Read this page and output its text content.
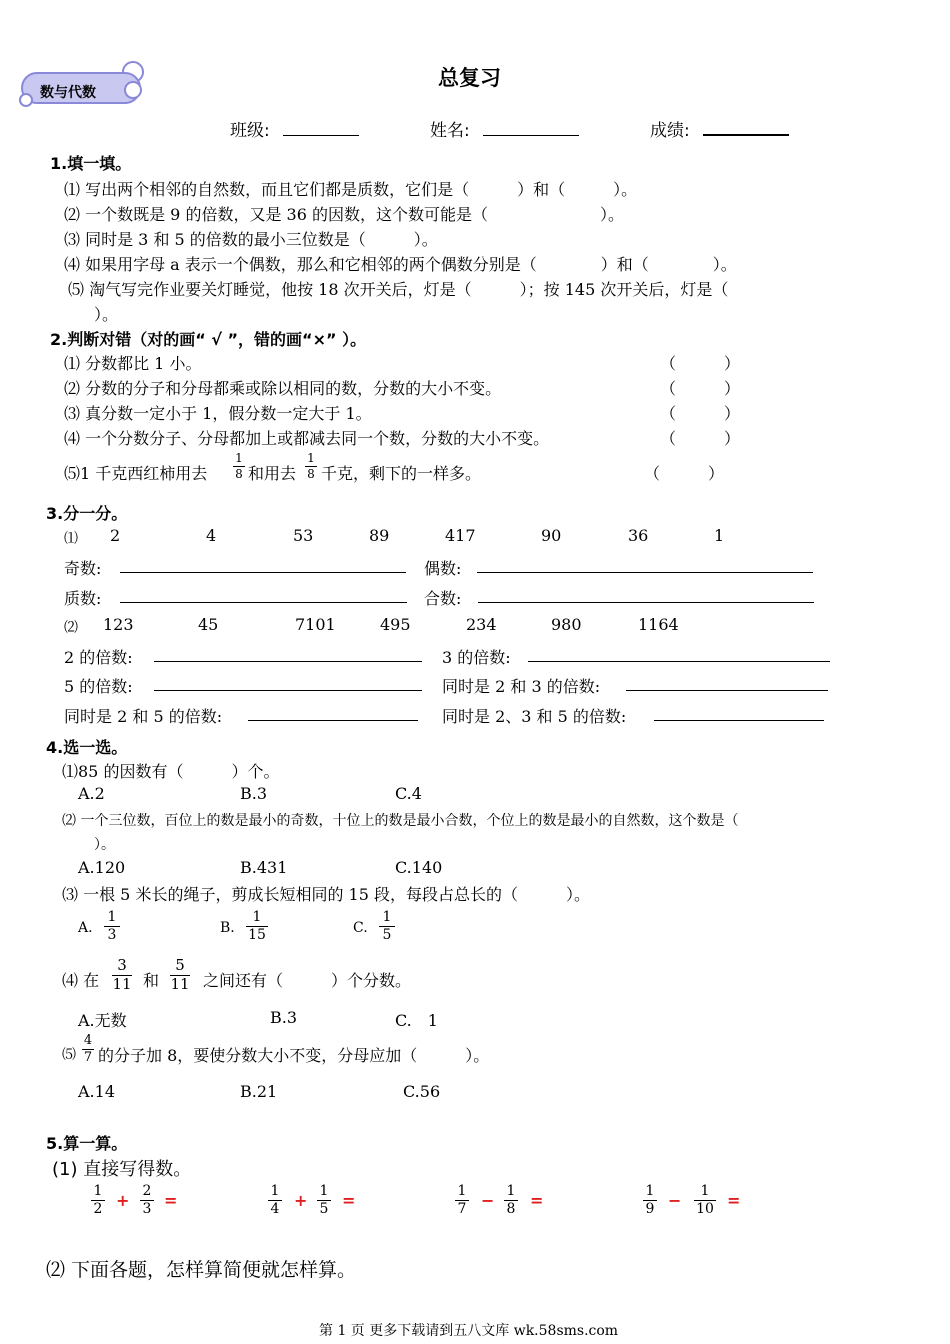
数与代数
总复习
班级:	姓名:	成绩:
1.填一填。
⑴ 写出两个相邻的自然数，而且它们都是质数，它们是（　　　）和（　　　）。
⑵ 一个数既是 9 的倍数，又是 36 的因数，这个数可能是（　　　　　　　）。
⑶ 同时是 3 和 5 的倍数的最小三位数是（　　　）。
⑷ 如果用字母 a 表示一个偶数，那么和它相邻的两个偶数分别是（　　　　）和（　　　　）。
⑸ 淘气写完作业要关灯睡觉，他按 18 次开关后，灯是（　　　）；按 145 次开关后，灯是（
）。
2.判断对错（对的画“ √ ”，错的画“×” ）。
⑴ 分数都比 1 小。	（　　　）
⑵ 分数的分子和分母都乘或除以相同的数，分数的大小不变。	（　　　）
⑶ 真分数一定小于 1，假分数一定大于 1。	（　　　）
⑷ 一个分数分子、分母都加上或都减去同一个数，分数的大小不变。	（　　　）
⑸1 千克西红柿用去
1
8 和用去
1
8 千克，剩下的一样多。	（　　　）
3.分一分。
⑴ 2	4	53	89	417	90	36	1
奇数:	偶数:
质数:	合数:
⑵ 123	45	7101	495	234	980	1164
2 的倍数:	3 的倍数:
5 的倍数:	同时是 2 和 3 的倍数:
同时是 2 和 5 的倍数:	同时是 2、3 和 5 的倍数:
4.选一选。
⑴85 的因数有（　　　）个。
A.2	B.3	C.4
⑵ 一个三位数，百位上的数是最小的奇数，十位上的数是最小合数，个位上的数是最小的自然数，这个数是（
）。
A.120	B.431	C.140
⑶ 一根 5 米长的绳子，剪成长短相同的 15 段，每段占总长的（　　　）。
A.
1
3	B.
1
15	C.
1
5
⑷ 在
3
11 和
5
11 之间还有（　　　）个分数。
A.无数	B.3	C.　1
⑸
4
7 的分子加 8，要使分数大小不变，分母应加（　　　）。
A.14	B.21	C.56
5.算一算。
(1) 直接写得数。
1
2 + 2
3 =	1
4 + 1
5 =	1
7 − 1
8 =	1
9 −	1
10 =
⑵ 下面各题，怎样算简便就怎样算。
第 1 页 更多下载请到五八文库 wk.58sms.com
